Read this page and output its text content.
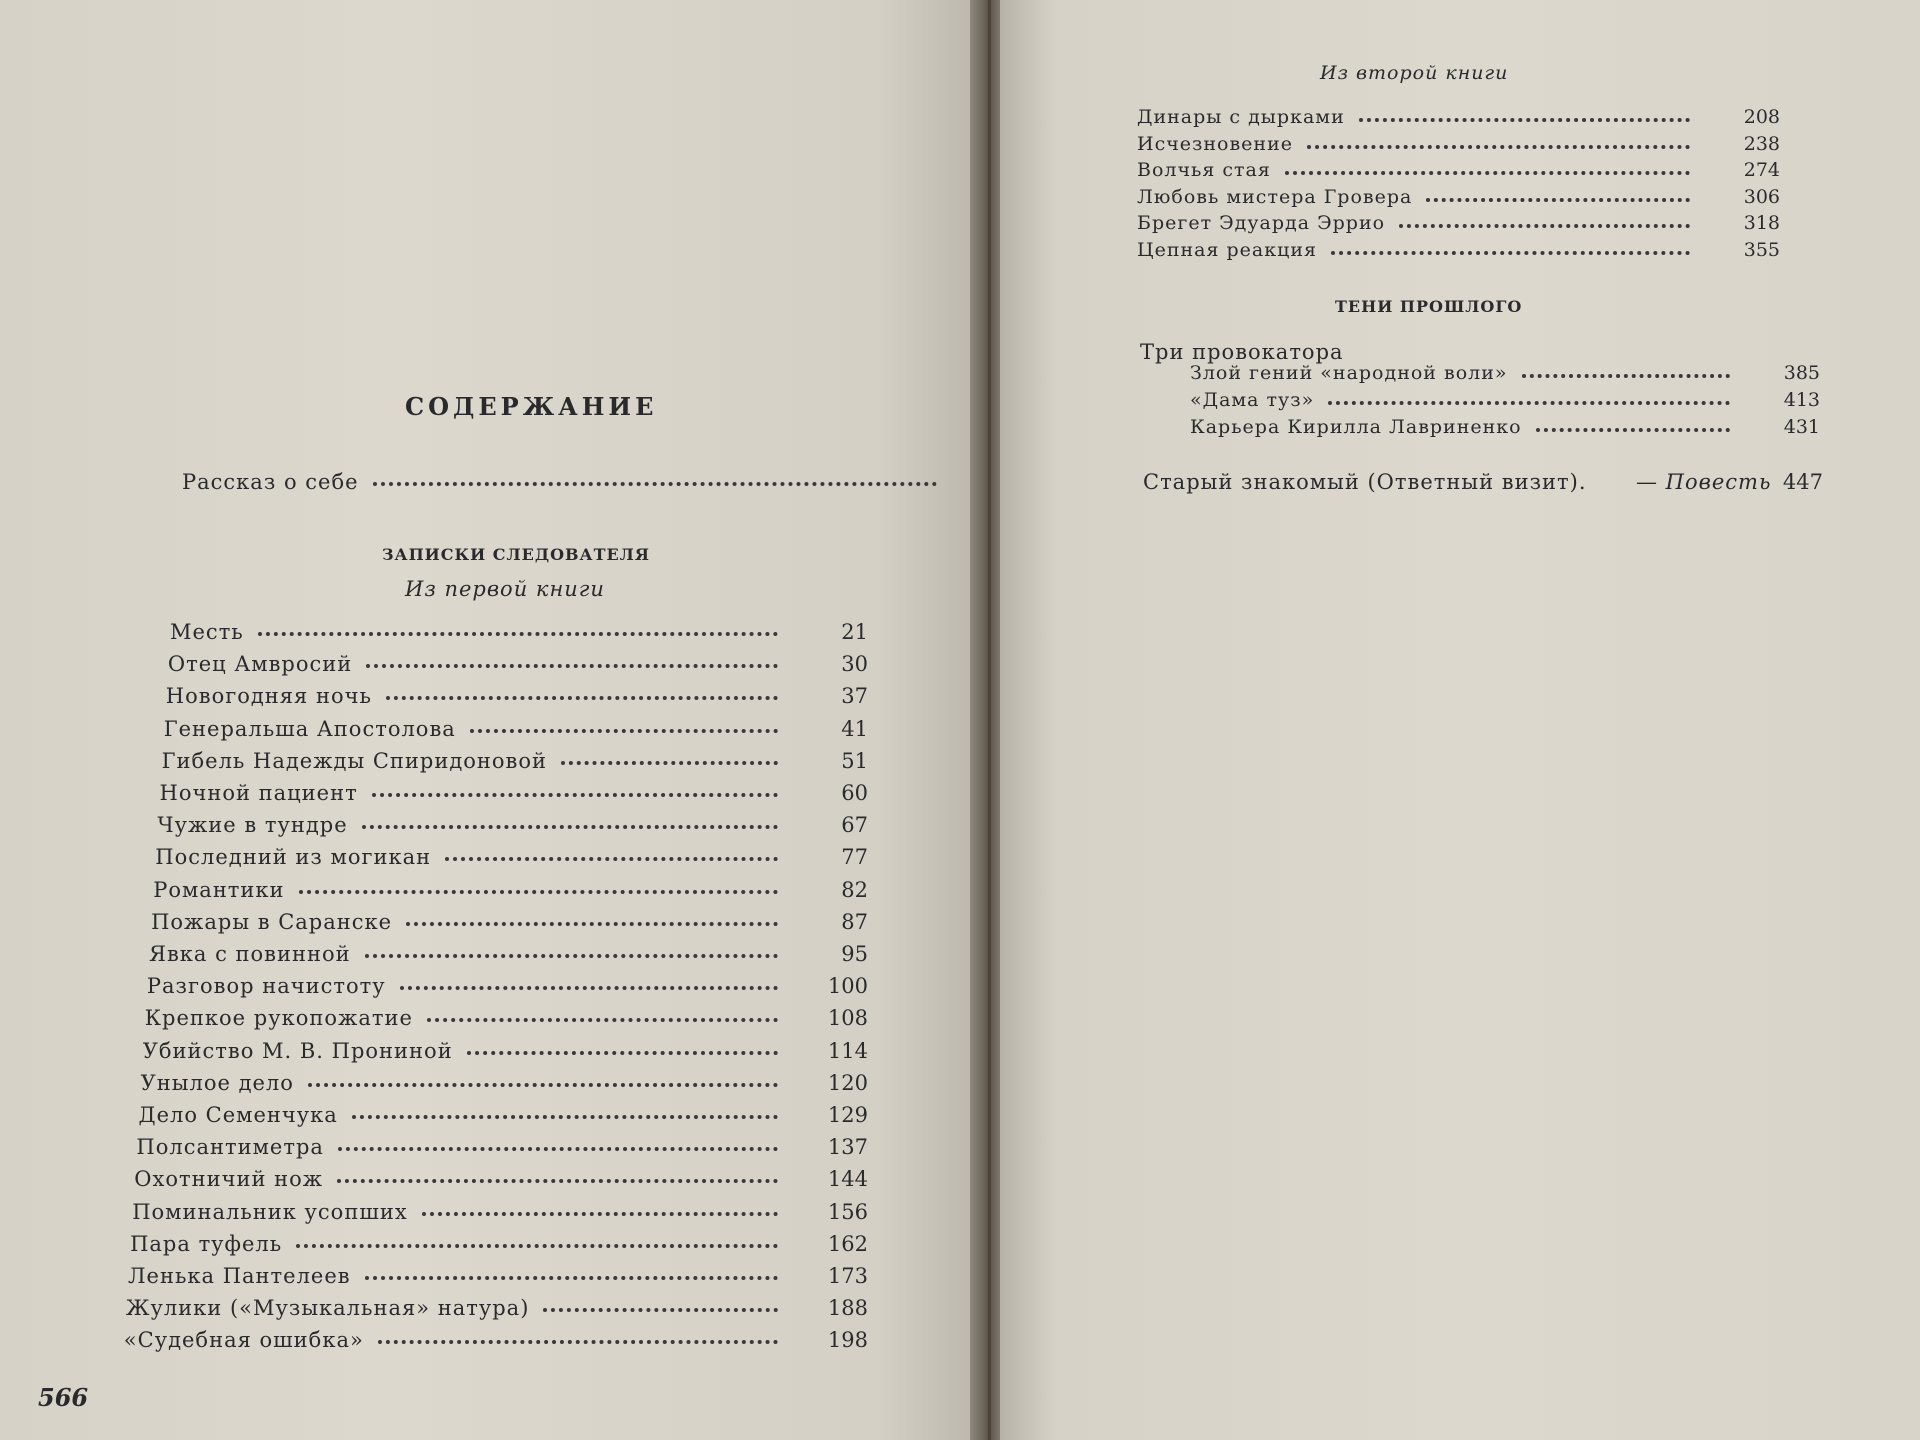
СОДЕРЖАНИЕ
Рассказ о себе
ЗАПИСКИ СЛЕДОВАТЕЛЯ
Из первой книги
Месть	21
Отец Амвросий	30
Новогодняя ночь	37
Генеральша Апостолова	41
Гибель Надежды Спиридоновой	51
Ночной пациент	60
Чужие в тундре	67
Последний из могикан	77
Романтики	82
Пожары в Саранске	87
Явка с повинной	95
Разговор начистоту	100
Крепкое рукопожатие	108
Убийство М. В. Прониной	114
Унылое дело	120
Дело Семенчука	129
Полсантиметра	137
Охотничий нож	144
Поминальник усопших	156
Пара туфель	162
Ленька Пантелеев	173
Жулики («Музыкальная» натура)	188
«Судебная ошибка»	198
566
Из второй книги
Динары с дырками	208
Исчезновение	238
Волчья стая	274
Любовь мистера Гровера	306
Брегет Эдуарда Эррио	318
Цепная реакция	355
ТЕНИ ПРОШЛОГО
Три провокатора
Злой гений «народной воли»	385
«Дама туз»	413
Карьера Кирилла Лавриненко	431
Старый знакомый (Ответный визит). — Повесть 447
